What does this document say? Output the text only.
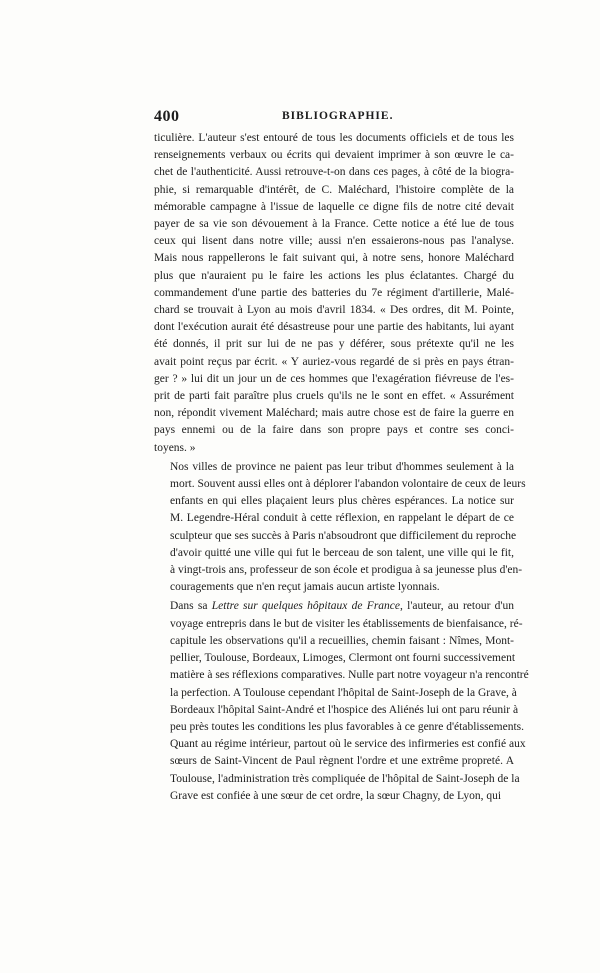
400	BIBLIOGRAPHIE.

ticulière. L'auteur s'est entouré de tous les documents officiels et de tous les
renseignements verbaux ou écrits qui devaient imprimer à son œuvre le ca-
chet de l'authenticité. Aussi retrouve-t-on dans ces pages, à côté de la biogra-
phie, si remarquable d'intérêt, de C. Maléchard, l'histoire complète de la
mémorable campagne à l'issue de laquelle ce digne fils de notre cité devait
payer de sa vie son dévouement à la France. Cette notice a été lue de tous
ceux qui lisent dans notre ville; aussi n'en essaierons-nous pas l'analyse.
Mais nous rappellerons le fait suivant qui, à notre sens, honore Maléchard
plus que n'auraient pu le faire les actions les plus éclatantes. Chargé du
commandement d'une partie des batteries du 7e régiment d'artillerie, Malé-
chard se trouvait à Lyon au mois d'avril 1834. « Des ordres, dit M. Pointe,
dont l'exécution aurait été désastreuse pour une partie des habitants, lui ayant
été donnés, il prit sur lui de ne pas y déférer, sous prétexte qu'il ne les
avait point reçus par écrit. « Y auriez-vous regardé de si près en pays étran-
ger ? » lui dit un jour un de ces hommes que l'exagération fiévreuse de l'es-
prit de parti fait paraître plus cruels qu'ils ne le sont en effet. « Assurément
non, répondit vivement Maléchard; mais autre chose est de faire la guerre en
pays ennemi ou de la faire dans son propre pays et contre ses conci-
toyens. »

Nos villes de province ne paient pas leur tribut d'hommes seulement à la
mort. Souvent aussi elles ont à déplorer l'abandon volontaire de ceux de leurs
enfants en qui elles plaçaient leurs plus chères espérances. La notice sur
M. Legendre-Héral conduit à cette réflexion, en rappelant le départ de ce
sculpteur que ses succès à Paris n'absoudront que difficilement du reproche
d'avoir quitté une ville qui fut le berceau de son talent, une ville qui le fit,
à vingt-trois ans, professeur de son école et prodigua à sa jeunesse plus d'en-
couragements que n'en reçut jamais aucun artiste lyonnais.

Dans sa Lettre sur quelques hôpitaux de France, l'auteur, au retour d'un
voyage entrepris dans le but de visiter les établissements de bienfaisance, ré-
capitule les observations qu'il a recueillies, chemin faisant : Nîmes, Mont-
pellier, Toulouse, Bordeaux, Limoges, Clermont ont fourni successivement
matière à ses réflexions comparatives. Nulle part notre voyageur n'a rencontré
la perfection. A Toulouse cependant l'hôpital de Saint-Joseph de la Grave, à
Bordeaux l'hôpital Saint-André et l'hospice des Aliénés lui ont paru réunir à
peu près toutes les conditions les plus favorables à ce genre d'établissements.
Quant au régime intérieur, partout où le service des infirmeries est confié aux
sœurs de Saint-Vincent de Paul règnent l'ordre et une extrême propreté. A
Toulouse, l'administration très compliquée de l'hôpital de Saint-Joseph de la
Grave est confiée à une sœur de cet ordre, la sœur Chagny, de Lyon, qui
